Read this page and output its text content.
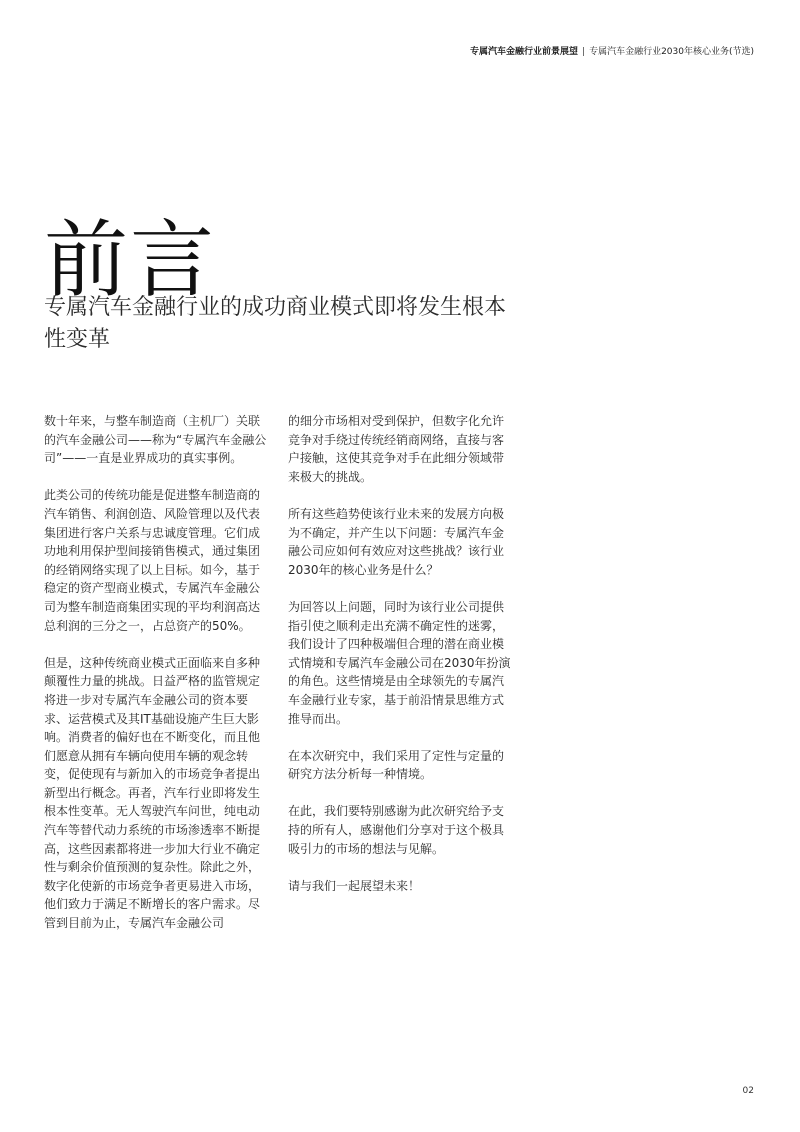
专属汽车金融行业前景展望 | 专属汽车金融行业2030年核心业务(节选)
前言
专属汽车金融行业的成功商业模式即将发生根本性变革

数十年来，与整车制造商（主机厂）关联的汽车金融公司——称为“专属汽车金融公司”——一直是业界成功的真实事例。

此类公司的传统功能是促进整车制造商的汽车销售、利润创造、风险管理以及代表集团进行客户关系与忠诚度管理。它们成功地利用保护型间接销售模式，通过集团的经销网络实现了以上目标。如今，基于稳定的资产型商业模式，专属汽车金融公司为整车制造商集团实现的平均利润高达总利润的三分之一，占总资产的50%。

但是，这种传统商业模式正面临来自多种颠覆性力量的挑战。日益严格的监管规定将进一步对专属汽车金融公司的资本要求、运营模式及其IT基础设施产生巨大影响。消费者的偏好也在不断变化，而且他们愿意从拥有车辆向使用车辆的观念转变，促使现有与新加入的市场竞争者提出新型出行概念。再者，汽车行业即将发生根本性变革。无人驾驶汽车问世，纯电动汽车等替代动力系统的市场渗透率不断提高，这些因素都将进一步加大行业不确定性与剩余价值预测的复杂性。除此之外，数字化使新的市场竞争者更易进入市场，他们致力于满足不断增长的客户需求。尽管到目前为止，专属汽车金融公司

的细分市场相对受到保护，但数字化允许竞争对手绕过传统经销商网络，直接与客户接触，这使其竞争对手在此细分领域带来极大的挑战。

所有这些趋势使该行业未来的发展方向极为不确定，并产生以下问题：专属汽车金融公司应如何有效应对这些挑战？该行业2030年的核心业务是什么？

为回答以上问题，同时为该行业公司提供指引使之顺利走出充满不确定性的迷雾，我们设计了四种极端但合理的潜在商业模式情境和专属汽车金融公司在2030年扮演的角色。这些情境是由全球领先的专属汽车金融行业专家，基于前沿情景思维方式推导而出。

在本次研究中，我们采用了定性与定量的研究方法分析每一种情境。

在此，我们要特别感谢为此次研究给予支持的所有人，感谢他们分享对于这个极具吸引力的市场的想法与见解。

请与我们一起展望未来！

02
